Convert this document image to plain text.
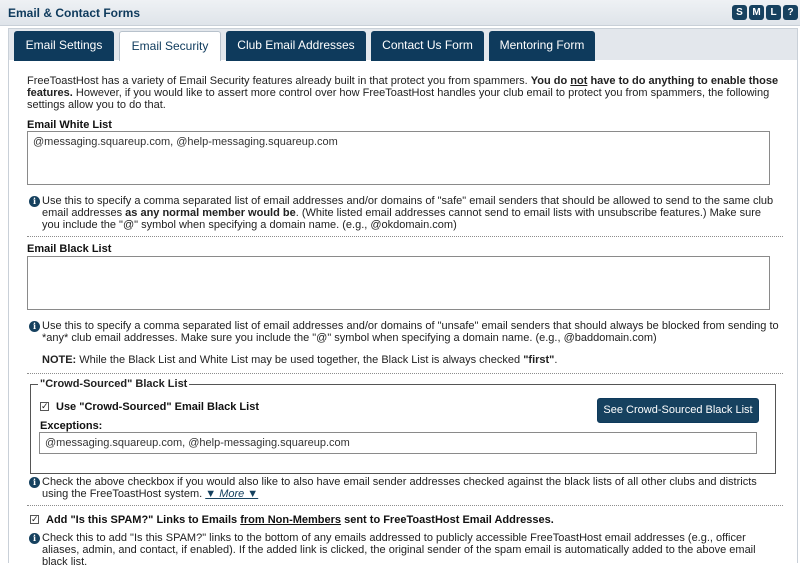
Email & Contact Forms	S M L	?
Email Settings	Email Security	Club Email Addresses	Contact Us Form	Mentoring Form
FreeToastHost has a variety of Email Security features already built in that protect you from spammers. You do not have to do anything to enable those features. However, if you would like to assert more control over how FreeToastHost handles your club email to protect you from spammers, the following settings allow you to do that.
Email White List
@messaging.squareup.com, @help-messaging.squareup.com
i Use this to specify a comma separated list of email addresses and/or domains of "safe" email senders that should be allowed to send to the same club email addresses as any normal member would be. (White listed email addresses cannot send to email lists with unsubscribe features.) Make sure you include the "@" symbol when specifying a domain name. (e.g., @okdomain.com)
Email Black List
i Use this to specify a comma separated list of email addresses and/or domains of "unsafe" email senders that should always be blocked from sending to *any* club email addresses. Make sure you include the "@" symbol when specifying a domain name. (e.g., @baddomain.com)
NOTE: While the Black List and White List may be used together, the Black List is always checked "first".
"Crowd-Sourced" Black List
✓ Use "Crowd-Sourced" Email Black List	See Crowd-Sourced Black List
Exceptions:
@messaging.squareup.com, @help-messaging.squareup.com
i Check the above checkbox if you would also like to also have email sender addresses checked against the black lists of all other clubs and districts using the FreeToastHost system. ▼ More ▼
✓ Add "Is this SPAM?" Links to Emails from Non-Members sent to FreeToastHost Email Addresses.
i Check this to add "Is this SPAM?" links to the bottom of any emails addressed to publicly accessible FreeToastHost email addresses (e.g., officer aliases, admin, and contact, if enabled). If the added link is clicked, the original sender of the spam email is automatically added to the above email black list.
